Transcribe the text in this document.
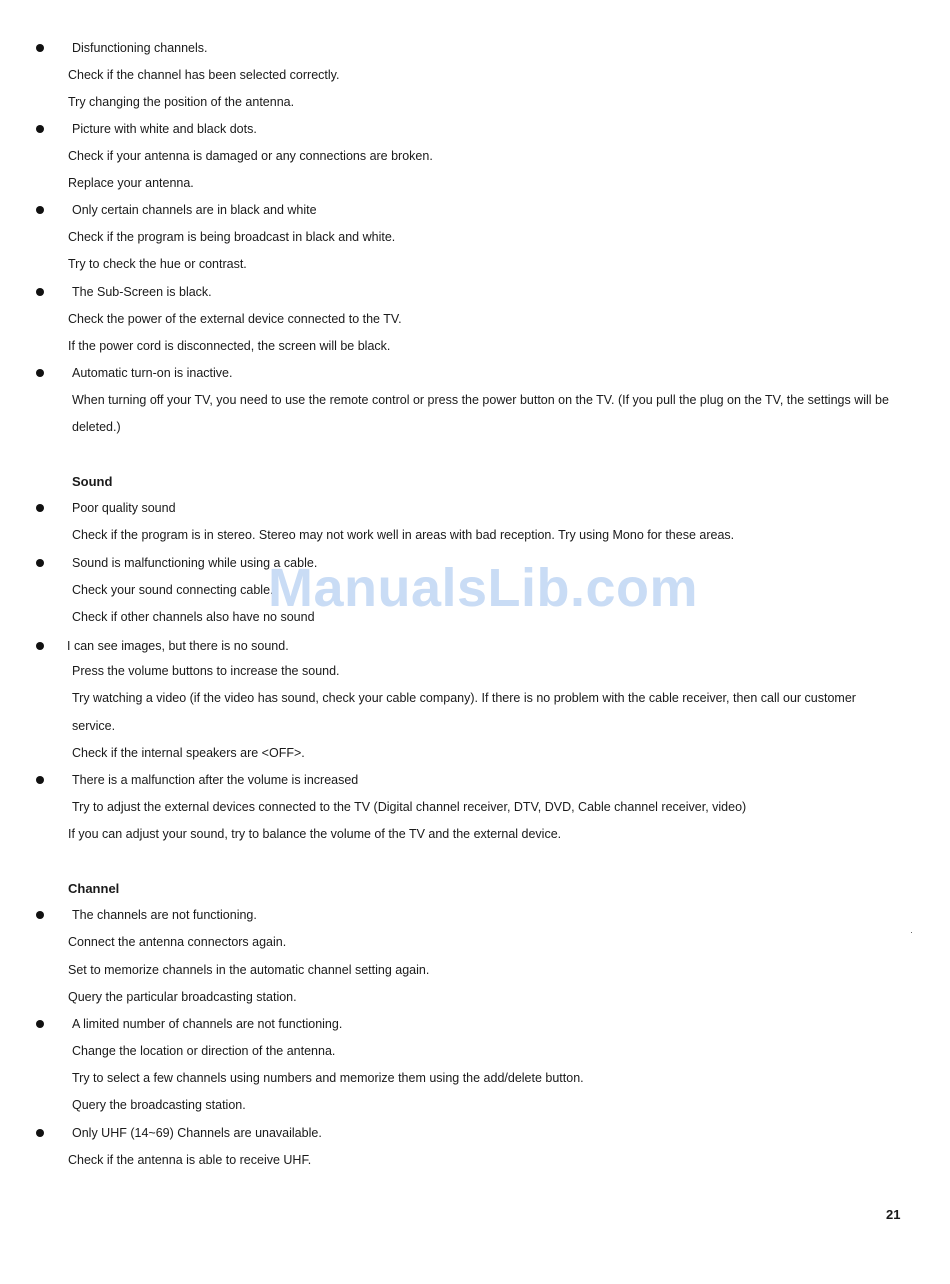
Disfunctioning channels.
Check if the channel has been selected correctly.
Try changing the position of the antenna.
Picture with white and black dots.
Check if your antenna is damaged or any connections are broken.
Replace your antenna.
Only certain channels are in black and white
Check if the program is being broadcast in black and white.
Try to check the hue or contrast.
The Sub-Screen is black.
Check the power of the external device connected to the TV.
If the power cord is disconnected, the screen will be black.
Automatic turn-on is inactive.
When turning off your TV, you need to use the remote control or press the power button on the TV. (If you pull the plug on the TV, the settings will be
deleted.)
Sound
Poor quality sound
Check if the program is in stereo. Stereo may not work well in areas with bad reception. Try using Mono for these areas.
Sound is malfunctioning while using a cable.
Check your sound connecting cable.
Check if other channels also have no sound
I can see images, but there is no sound.
Press the volume buttons to increase the sound.
Try watching a video (if the video has sound, check your cable company). If there is no problem with the cable receiver, then call our customer
service.
Check if the internal speakers are <OFF>.
There is a malfunction after the volume is increased
Try to adjust the external devices connected to the TV (Digital channel receiver, DTV, DVD, Cable channel receiver, video)
If you can adjust your sound, try to balance the volume of the TV and the external device.
Channel
The channels are not functioning.
Connect the antenna connectors again.
Set to memorize channels in the automatic channel setting again.
Query the particular broadcasting station.
A limited number of channels are not functioning.
Change the location or direction of the antenna.
Try to select a few channels using numbers and memorize them using the add/delete button.
Query the broadcasting station.
Only UHF (14~69) Channels are unavailable.
Check if the antenna is able to receive UHF.
ManualsLib.com
21
